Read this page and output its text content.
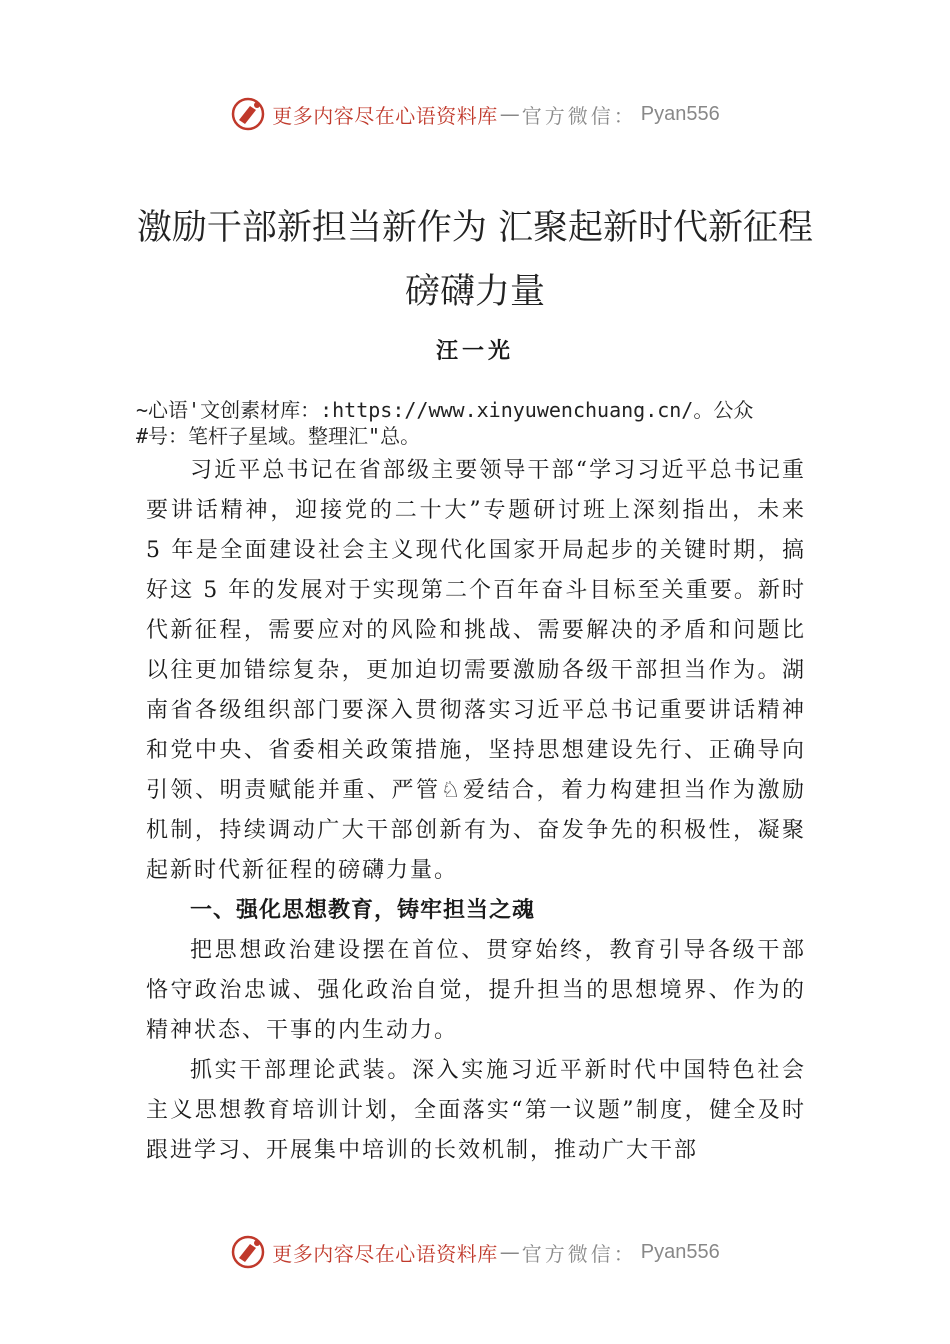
更多内容尽在心语资料库 — 官方微信： Pyan556
激励干部新担当新作为 汇聚起新时代新征程磅礴力量
汪一光
~心语'文创素材库：:https://www.xinyuwenchuang.cn/。公众
#号：笔杆子星域。整理汇"总。

习近平总书记在省部级主要领导干部“学习习近平总书记重要讲话精神，迎接党的二十大”专题研讨班上深刻指出，未来 5 年是全面建设社会主义现代化国家开局起步的关键时期，搞好这 5 年的发展对于实现第二个百年奋斗目标至关重要。新时代新征程，需要应对的风险和挑战、需要解决的矛盾和问题比以往更加错综复杂，更加迫切需要激励各级干部担当作为。湖南省各级组织部门要深入贯彻落实习近平总书记重要讲话精神和党中央、省委相关政策措施，坚持思想建设先行、正确导向引领、明责赋能并重、严管♘爱结合，着力构建担当作为激励机制，持续调动广大干部创新有为、奋发争先的积极性，凝聚起新时代新征程的磅礴力量。

一、强化思想教育，铸牢担当之魂

把思想政治建设摆在首位、贯穿始终，教育引导各级干部恪守政治忠诚、强化政治自觉，提升担当的思想境界、作为的精神状态、干事的内生动力。

抓实干部理论武装。深入实施习近平新时代中国特色社会主义思想教育培训计划，全面落实“第一议题”制度，健全及时跟进学习、开展集中培训的长效机制，推动广大干部

更多内容尽在心语资料库 — 官方微信： Pyan556
